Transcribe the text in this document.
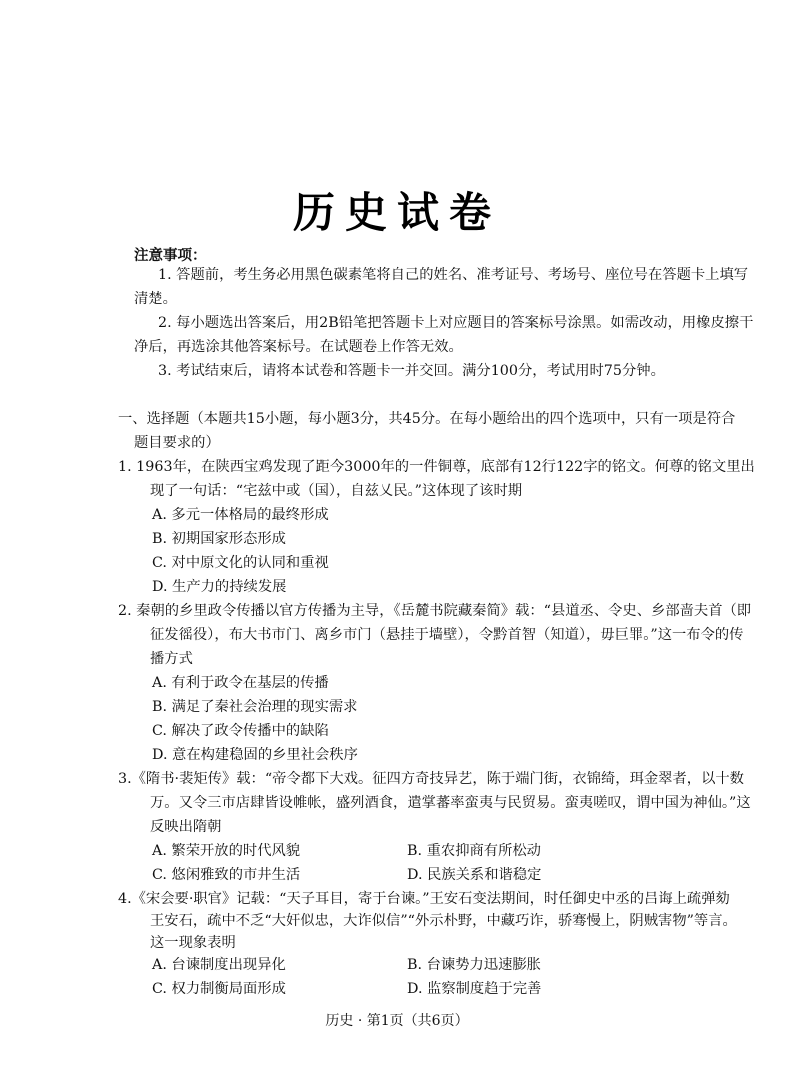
历史试卷
注意事项：
1. 答题前，考生务必用黑色碳素笔将自己的姓名、准考证号、考场号、座位号在答题卡上填写
清楚。
2. 每小题选出答案后，用2B铅笔把答题卡上对应题目的答案标号涂黑。如需改动，用橡皮擦干
净后，再选涂其他答案标号。在试题卷上作答无效。
3. 考试结束后，请将本试卷和答题卡一并交回。满分100分，考试用时75分钟。
一、选择题（本题共15小题，每小题3分，共45分。在每小题给出的四个选项中，只有一项是符合
题目要求的）
1. 1963年，在陕西宝鸡发现了距今3000年的一件铜尊，底部有12行122字的铭文。何尊的铭文里出
现了一句话：“宅兹中或（国），自兹乂民。”这体现了该时期
A. 多元一体格局的最终形成
B. 初期国家形态形成
C. 对中原文化的认同和重视
D. 生产力的持续发展
2. 秦朝的乡里政令传播以官方传播为主导，《岳麓书院藏秦简》载：“县道丞、令史、乡部啬夫首（即
征发徭役），布大书市门、离乡市门（悬挂于墙壁），令黔首智（知道），毋巨罪。”这一布令的传
播方式
A. 有利于政令在基层的传播
B. 满足了秦社会治理的现实需求
C. 解决了政令传播中的缺陷
D. 意在构建稳固的乡里社会秩序
3.《隋书·裴矩传》载：“帝令都下大戏。征四方奇技异艺，陈于端门街，衣锦绮，珥金翠者，以十数
万。又令三市店肆皆设帷帐，盛列酒食，遣掌蕃率蛮夷与民贸易。蛮夷嗟叹，谓中国为神仙。”这
反映出隋朝
A. 繁荣开放的时代风貌	B. 重农抑商有所松动
C. 悠闲雅致的市井生活	D. 民族关系和谐稳定
4.《宋会要·职官》记载：“天子耳目，寄于台谏。”王安石变法期间，时任御史中丞的吕诲上疏弹劾
王安石，疏中不乏“大奸似忠，大诈似信”“外示朴野，中藏巧诈，骄骞慢上，阴贼害物”等言。
这一现象表明
历史 · 第1页（共6页）
A. 台谏制度出现异化	B. 台谏势力迅速膨胀
C. 权力制衡局面形成	D. 监察制度趋于完善
